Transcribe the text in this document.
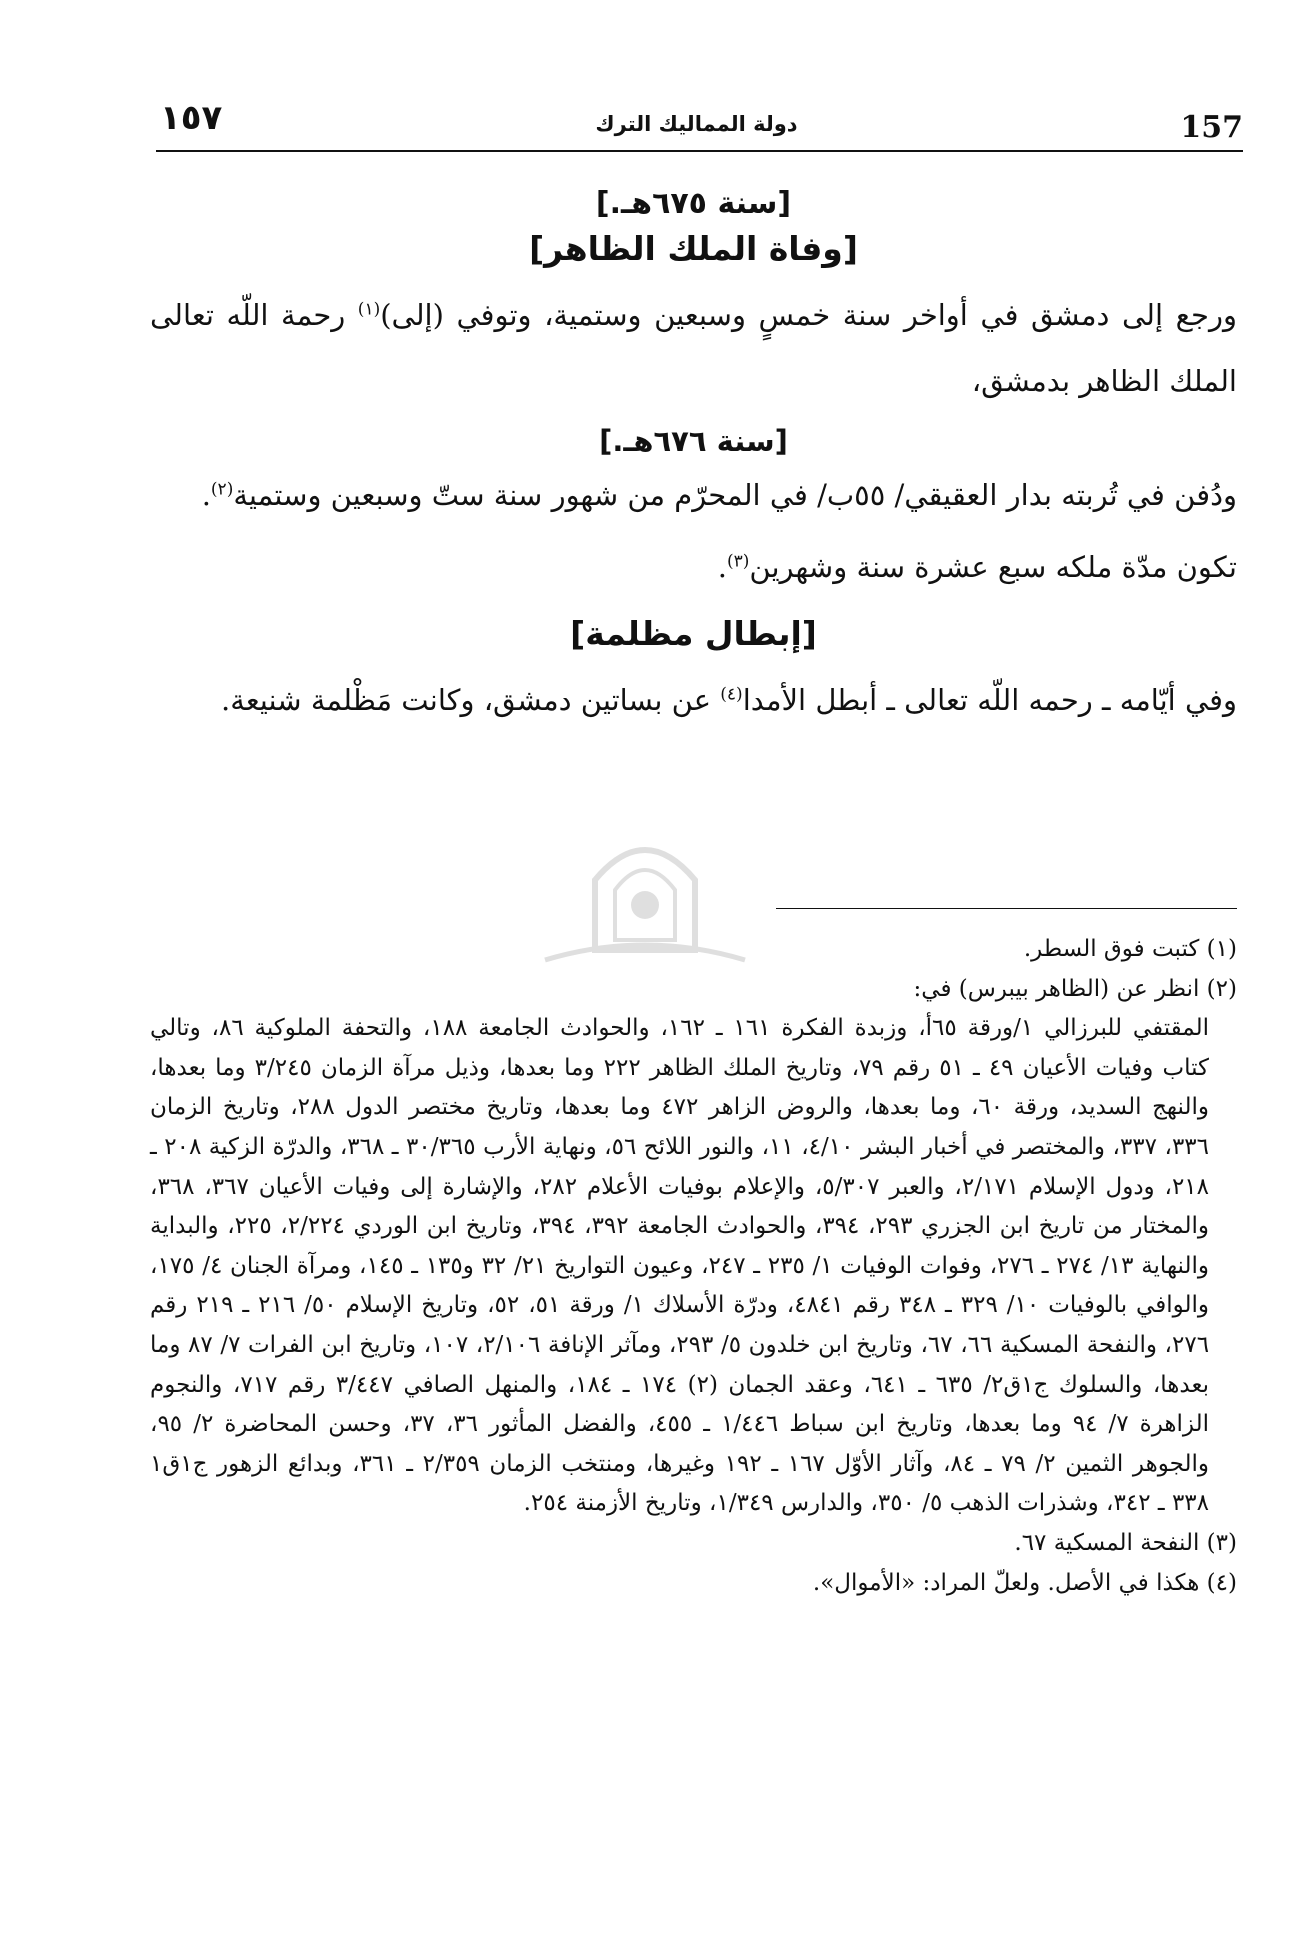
١٥٧	دولة المماليك الترك	157
[سنة ٦٧٥هـ.]
[وفاة الملك الظاهر]

ورجع إلى دمشق في أواخر سنة خمسٍ وسبعين وستمية، وتوفي (إلى)$^{(١)}$ رحمة اللّه تعالى الملك الظاهر بدمشق،

[سنة ٦٧٦هـ.]

ودُفن في تُربته بدار العقيقي/ ٥٥ب/ في المحرّم من شهور سنة ستّ وسبعين وستمية$^{(٢)}$.

تكون مدّة ملكه سبع عشرة سنة وشهرين$^{(٣)}$.

[إبطال مظلمة]

وفي أيّامه ـ رحمه اللّه تعالى ـ أبطل الأمدا$^{(٤)}$ عن بساتين دمشق، وكانت مَظْلمة شنيعة.

(١) كتبت فوق السطر.

(٢) انظر عن (الظاهر بيبرس) في:

المقتفي للبرزالي ١/ورقة ٦٥أ، وزبدة الفكرة ١٦١ ـ ١٦٢، والحوادث الجامعة ١٨٨، والتحفة الملوكية ٨٦، وتالي كتاب وفيات الأعيان ٤٩ ـ ٥١ رقم ٧٩، وتاريخ الملك الظاهر ٢٢٢ وما بعدها، وذيل مرآة الزمان ٣/٢٤٥ وما بعدها، والنهج السديد، ورقة ٦٠، وما بعدها، والروض الزاهر ٤٧٢ وما بعدها، وتاريخ مختصر الدول ٢٨٨، وتاريخ الزمان ٣٣٦، ٣٣٧، والمختصر في أخبار البشر ٤/١٠، ١١، والنور اللائح ٥٦، ونهاية الأرب ٣٠/٣٦٥ ـ ٣٦٨، والدرّة الزكية ٢٠٨ ـ ٢١٨، ودول الإسلام ٢/١٧١، والعبر ٥/٣٠٧، والإعلام بوفيات الأعلام ٢٨٢، والإشارة إلى وفيات الأعيان ٣٦٧، ٣٦٨، والمختار من تاريخ ابن الجزري ٢٩٣، ٣٩٤، والحوادث الجامعة ٣٩٢، ٣٩٤، وتاريخ ابن الوردي ٢/٢٢٤، ٢٢٥، والبداية والنهاية ١٣/ ٢٧٤ ـ ٢٧٦، وفوات الوفيات ١/ ٢٣٥ ـ ٢٤٧، وعيون التواريخ ٢١/ ٣٢ و١٣٥ ـ ١٤٥، ومرآة الجنان ٤/ ١٧٥، والوافي بالوفيات ١٠/ ٣٢٩ ـ ٣٤٨ رقم ٤٨٤١، ودرّة الأسلاك ١/ ورقة ٥١، ٥٢، وتاريخ الإسلام ٥٠/ ٢١٦ ـ ٢١٩ رقم ٢٧٦، والنفحة المسكية ٦٦، ٦٧، وتاريخ ابن خلدون ٥/ ٢٩٣، ومآثر الإنافة ٢/١٠٦، ١٠٧، وتاريخ ابن الفرات ٧/ ٨٧ وما بعدها، والسلوك ج١ق٢/ ٦٣٥ ـ ٦٤١، وعقد الجمان (٢) ١٧٤ ـ ١٨٤، والمنهل الصافي ٣/٤٤٧ رقم ٧١٧، والنجوم الزاهرة ٧/ ٩٤ وما بعدها، وتاريخ ابن سباط ١/٤٤٦ ـ ٤٥٥، والفضل المأثور ٣٦، ٣٧، وحسن المحاضرة ٢/ ٩٥، والجوهر الثمين ٢/ ٧٩ ـ ٨٤، وآثار الأوّل ١٦٧ ـ ١٩٢ وغيرها، ومنتخب الزمان ٢/٣٥٩ ـ ٣٦١، وبدائع الزهور ج١ق١ ٣٣٨ ـ ٣٤٢، وشذرات الذهب ٥/ ٣٥٠، والدارس ١/٣٤٩، وتاريخ الأزمنة ٢٥٤.

(٣) النفحة المسكية ٦٧.

(٤) هكذا في الأصل. ولعلّ المراد: «الأموال».
